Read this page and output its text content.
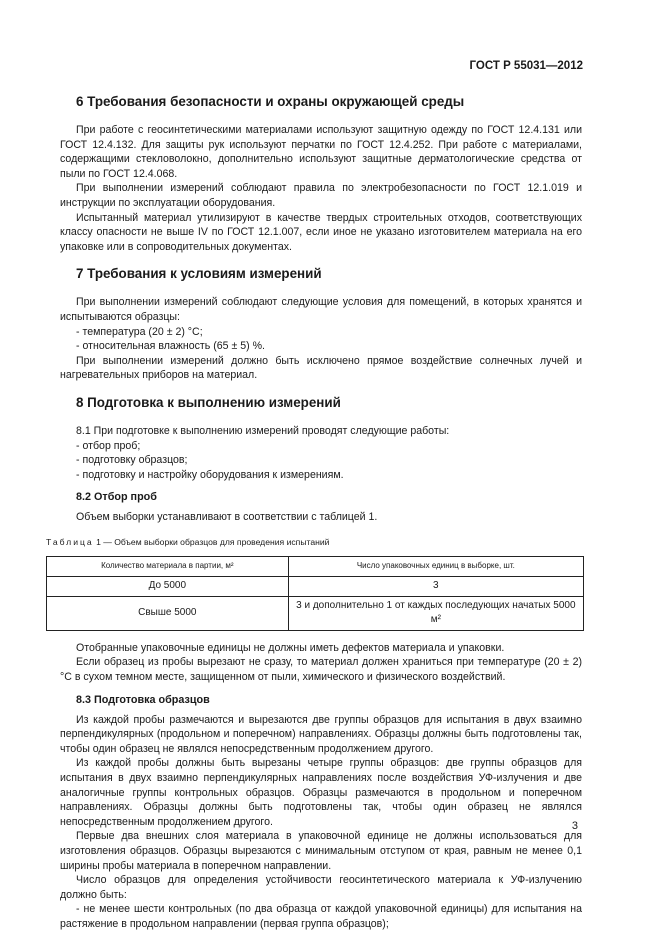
ГОСТ Р 55031—2012
6 Требования безопасности и охраны окружающей среды

При работе с геосинтетическими материалами используют защитную одежду по ГОСТ 12.4.131 или ГОСТ 12.4.132. Для защиты рук используют перчатки по ГОСТ 12.4.252. При работе с материалами, содержащими стекловолокно, дополнительно используют защитные дерматологические средства от пыли по ГОСТ 12.4.068.

При выполнении измерений соблюдают правила по электробезопасности по ГОСТ 12.1.019 и инструкции по эксплуатации оборудования.

Испытанный материал утилизируют в качестве твердых строительных отходов, соответствующих классу опасности не выше IV по ГОСТ 12.1.007, если иное не указано изготовителем материала на его упаковке или в сопроводительных документах.

7 Требования к условиям измерений

При выполнении измерений соблюдают следующие условия для помещений, в которых хранятся и испытываются образцы:

- температура (20 ± 2) °С;

- относительная влажность (65 ± 5) %.

При выполнении измерений должно быть исключено прямое воздействие солнечных лучей и нагревательных приборов на материал.

8 Подготовка к выполнению измерений

8.1 При подготовке к выполнению измерений проводят следующие работы:

- отбор проб;

- подготовку образцов;

- подготовку и настройку оборудования к измерениям.

8.2 Отбор проб

Объем выборки устанавливают в соответствии с таблицей 1.

Таблица 1 — Объем выборки образцов для проведения испытаний
Количество материала в партии, м²	Число упаковочных единиц в выборке, шт.
До 5000	3
Свыше 5000	3 и дополнительно 1 от каждых последующих начатых 5000 м²

Отобранные упаковочные единицы не должны иметь дефектов материала и упаковки.

Если образец из пробы вырезают не сразу, то материал должен храниться при температуре (20 ± 2) °С в сухом темном месте, защищенном от пыли, химического и физического воздействий.

8.3 Подготовка образцов

Из каждой пробы размечаются и вырезаются две группы образцов для испытания в двух взаимно перпендикулярных (продольном и поперечном) направлениях. Образцы должны быть подготовлены так, чтобы один образец не являлся непосредственным продолжением другого.

Из каждой пробы должны быть вырезаны четыре группы образцов: две группы образцов для испытания в двух взаимно перпендикулярных направлениях после воздействия УФ-излучения и две аналогичные группы контрольных образцов. Образцы размечаются в продольном и поперечном направлениях. Образцы должны быть подготовлены так, чтобы один образец не являлся непосредственным продолжением другого.

Первые два внешних слоя материала в упаковочной единице не должны использоваться для изготовления образцов. Образцы вырезаются с минимальным отступом от края, равным не менее 0,1 ширины пробы материала в поперечном направлении.

Число образцов для определения устойчивости геосинтетического материала к УФ-излучению должно быть:

- не менее шести контрольных (по два образца от каждой упаковочной единицы) для испытания на растяжение в продольном направлении (первая группа образцов);

3
